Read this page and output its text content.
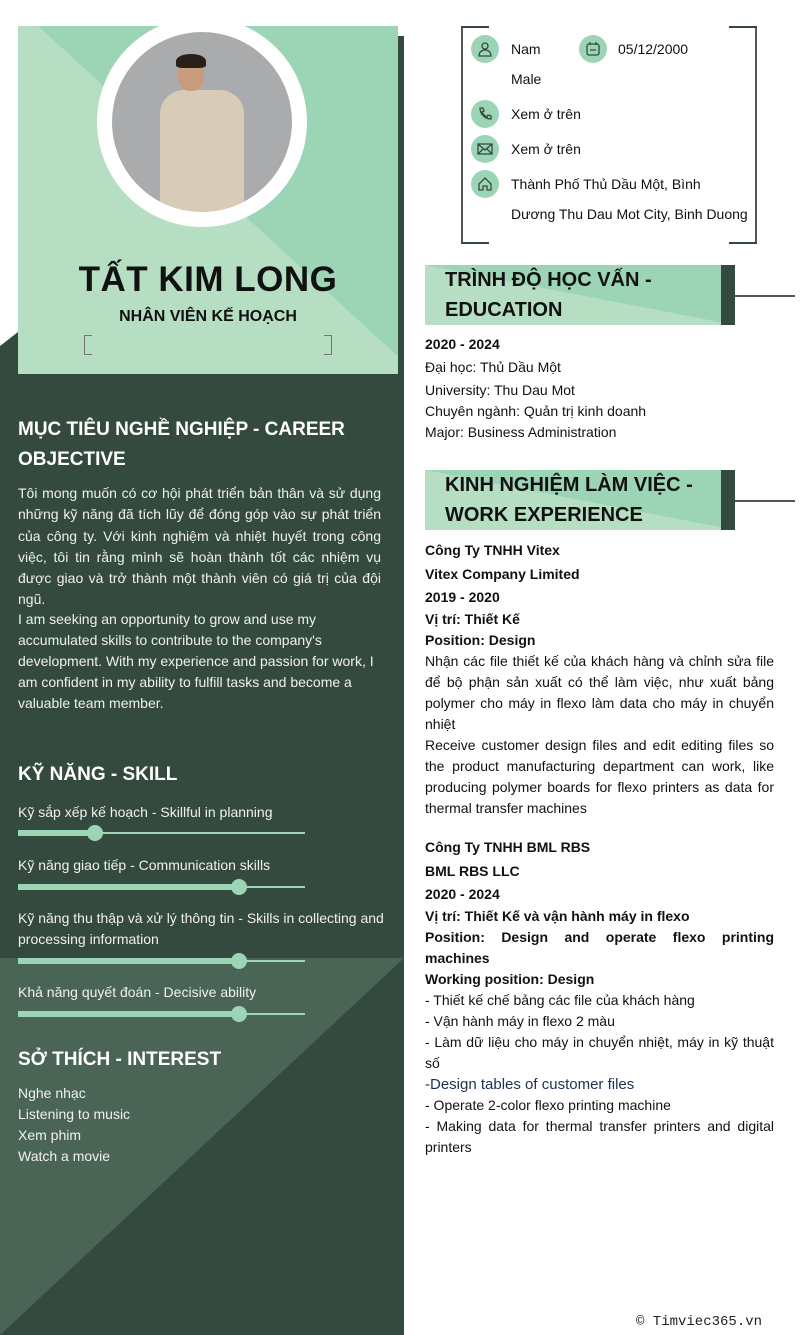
TẤT KIM LONG
NHÂN VIÊN KẾ HOẠCH
Nam	05/12/2000
Male
Xem ở trên
Xem ở trên
Thành Phố Thủ Dầu Một, Bình
Dương Thu Dau Mot City, Binh Duong
MỤC TIÊU NGHỀ NGHIỆP - CAREER
OBJECTIVE
Tôi mong muốn có cơ hội phát triển bản thân và sử dụng những kỹ năng đã tích lũy để đóng góp vào sự phát triển của công ty. Với kinh nghiệm và nhiệt huyết trong công việc, tôi tin rằng mình sẽ hoàn thành tốt các nhiệm vụ được giao và trở thành một thành viên có giá trị của đội ngũ.
I am seeking an opportunity to grow and use my accumulated skills to contribute to the company's development. With my experience and passion for work, I am confident in my ability to fulfill tasks and become a valuable team member.
KỸ NĂNG - SKILL
Kỹ sắp xếp kế hoạch - Skillful in planning
Kỹ năng giao tiếp - Communication skills
Kỹ năng thu thập và xử lý thông tin - Skills in collecting and processing information
Khả năng quyết đoán - Decisive ability
SỞ THÍCH - INTEREST
Nghe nhạc
Listening to music
Xem phim
Watch a movie
TRÌNH ĐỘ HỌC VẤN -
EDUCATION
2020 - 2024
Đại học: Thủ Dầu Một
University: Thu Dau Mot
Chuyên ngành: Quản trị kinh doanh
Major: Business Administration
KINH NGHIỆM LÀM VIỆC -
WORK EXPERIENCE
Công Ty TNHH Vitex
Vitex Company Limited
2019 - 2020
Vị trí: Thiết Kế
Position: Design
Nhận các file thiết kế của khách hàng và chỉnh sửa file để bộ phận sản xuất có thể làm việc, như xuất bảng polymer cho máy in flexo làm data cho máy in chuyển nhiệt
Receive customer design files and edit editing files so the product manufacturing department can work, like producing polymer boards for flexo printers as data for thermal transfer machines
Công Ty TNHH BML RBS
BML RBS LLC
2020 - 2024
Vị trí: Thiết Kế và vận hành máy in flexo
Position: Design and operate flexo printing machines
Working position: Design
- Thiết kế chế bảng các file của khách hàng
- Vận hành máy in flexo 2 màu
- Làm dữ liệu cho máy in chuyển nhiệt, máy in kỹ thuật số
-Design tables of customer files
- Operate 2-color flexo printing machine
- Making data for thermal transfer printers and digital printers
© Timviec365.vn
